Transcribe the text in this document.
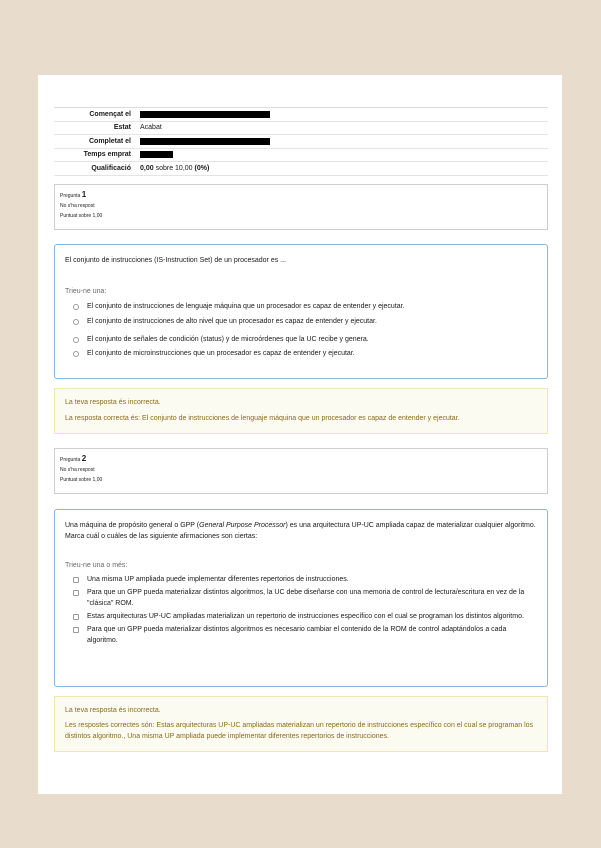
Començat el
Estat	Acabat
Completat el
Temps emprat
Qualificació	0,00 sobre 10,00 (0%)
Pregunta 1
No s'ha respost
Puntuat sobre 1,00
El conjunto de instrucciones (IS-Instruction Set) de un procesador es ...
Trieu-ne una:
El conjunto de instrucciones de lenguaje máquina que un procesador es capaz de entender y ejecutar.
El conjunto de instrucciones de alto nivel que un procesador es capaz de entender y ejecutar.
El conjunto de señales de condición (status) y de microórdenes que la UC recibe y genera.
El conjunto de microinstrucciones que un procesador es capaz de entender y ejecutar.

La teva resposta és incorrecta.

La resposta correcta és: El conjunto de instrucciones de lenguaje máquina que un procesador es capaz de entender y ejecutar.

Pregunta 2
No s'ha respost
Puntuat sobre 1,00
Una máquina de propósito general o GPP (General Purpose Processor) es una arquitectura UP-UC ampliada capaz de materializar cualquier algoritmo. Marca cuál o cuáles de las siguiente afirmaciones son ciertas:
Trieu-ne una o més:
Una misma UP ampliada puede implementar diferentes repertorios de instrucciones.
Para que un GPP pueda materializar distintos algoritmos, la UC debe diseñarse con una memoria de control de lectura/escritura en vez de la "clásica" ROM.
Estas arquitecturas UP-UC ampliadas materializan un repertorio de instrucciones específico con el cual se programan los distintos algoritmo.
Para que un GPP pueda materializar distintos algoritmos es necesario cambiar el contenido de la ROM de control adaptándolos a cada algoritmo.

La teva resposta és incorrecta.

Les respostes correctes són: Estas arquitecturas UP-UC ampliadas materializan un repertorio de instrucciones específico con el cual se programan los distintos algoritmo., Una misma UP ampliada puede implementar diferentes repertorios de instrucciones.
